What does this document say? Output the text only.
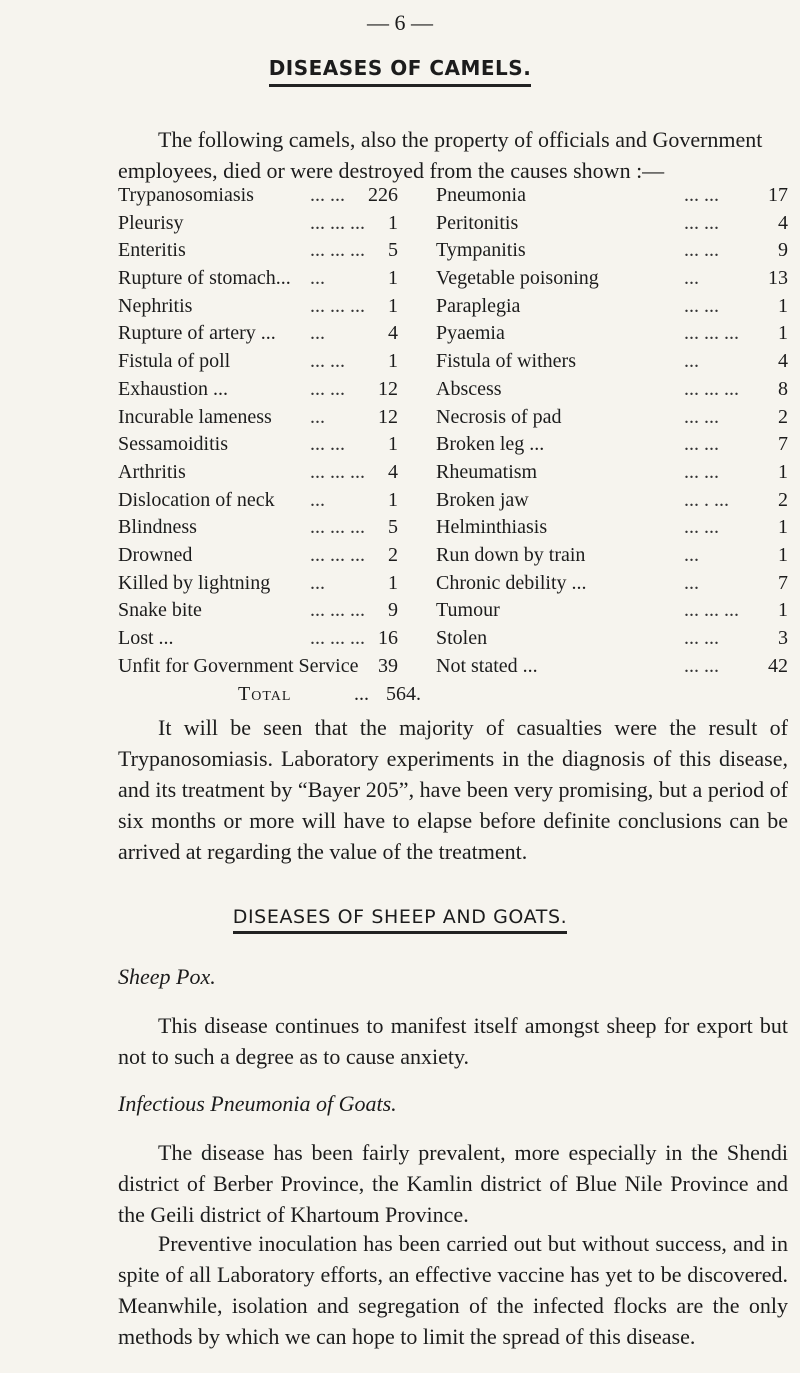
— 6 —
DISEASES OF CAMELS.
The following camels, also the property of officials and Government
employees, died or were destroyed from the causes shown :—
Trypanosomiasis	... ...	226 Pneumonia	... ...	17
Pleurisy	... ... ...	1 Peritonitis	... ...	4
Enteritis	... ... ...	5 Tympanitis	... ...	9
Rupture of stomach... ...	1 Vegetable poisoning	...	13
Nephritis	... ... ...	1 Paraplegia	... ...	1
Rupture of artery ... ...	4 Pyaemia	... ... ...	1
Fistula of poll	... ...	1 Fistula of withers	...	4
Exhaustion ...	... ...	12 Abscess	... ... ...	8
Incurable lameness ...	12 Necrosis of pad	... ...	2
Sessamoiditis	... ...	1 Broken leg ...	... ...	7
Arthritis	... ... ...	4 Rheumatism	... ...	1
Dislocation of neck ...	1 Broken jaw	... . ...	2
Blindness	... ... ...	5 Helminthiasis	... ...	1
Drowned	... ... ...	2 Run down by train	...	1
Killed by lightning ...	1 Chronic debility ...	...	7
Snake bite	... ... ...	9 Tumour	... ... ...	1
Lost ...	... ... ... 16 Stolen	... ...	3
Unfit for Government Service 39 Not stated ...	... ...	42
Total	... 564.

It will be seen that the majority of casualties were the result of Trypanosomiasis. Laboratory experiments in the diagnosis of this disease, and its treatment by “Bayer 205”, have been very promising, but a period of six months or more will have to elapse before definite conclusions can be arrived at regarding the value of the treatment.

DISEASES OF SHEEP AND GOATS.
Sheep Pox.

This disease continues to manifest itself amongst sheep for export but not to such a degree as to cause anxiety.

Infectious Pneumonia of Goats.

The disease has been fairly prevalent, more especially in the Shendi district of Berber Province, the Kamlin district of Blue Nile Province and the Geili district of Khartoum Province.

Preventive inoculation has been carried out but without success, and in spite of all Laboratory efforts, an effective vaccine has yet to be discovered. Meanwhile, isolation and segregation of the infected flocks are the only methods by which we can hope to limit the spread of this disease.
